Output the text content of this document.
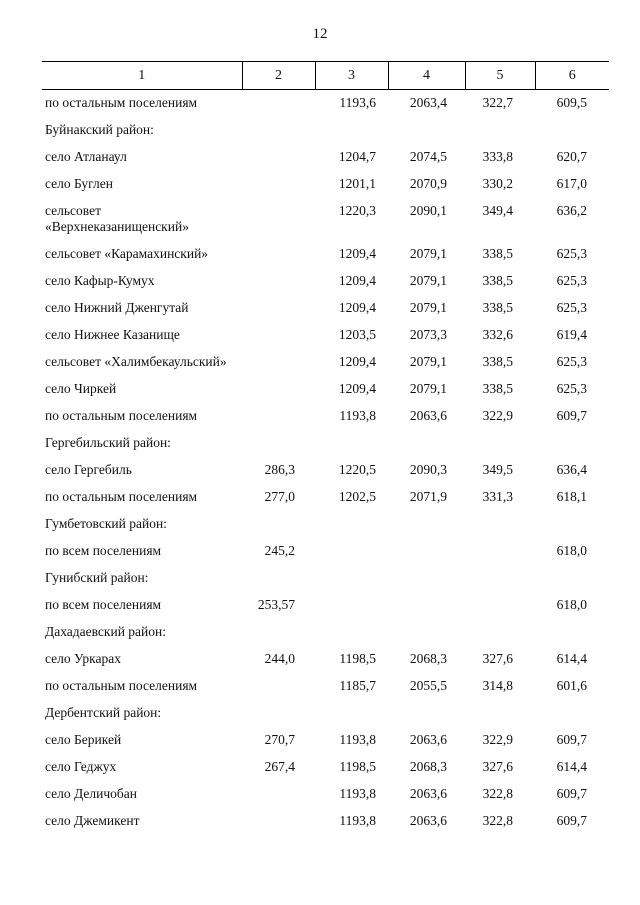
12
1	2	3	4	5	6
по остальным поселениям		1193,6	2063,4	322,7	609,5
Буйнакский район:					
село Атланаул		1204,7	2074,5	333,8	620,7
село Буглен		1201,1	2070,9	330,2	617,0
сельсовет «Верхнеказанищенский»		1220,3	2090,1	349,4	636,2
сельсовет «Карамахинский»		1209,4	2079,1	338,5	625,3
село Кафыр-Кумух		1209,4	2079,1	338,5	625,3
село Нижний Дженгутай		1209,4	2079,1	338,5	625,3
село Нижнее Казанище		1203,5	2073,3	332,6	619,4
сельсовет «Халимбекаульский»		1209,4	2079,1	338,5	625,3
село Чиркей		1209,4	2079,1	338,5	625,3
по остальным поселениям		1193,8	2063,6	322,9	609,7
Гергебильский район:					
село Гергебиль	286,3	1220,5	2090,3	349,5	636,4
по остальным поселениям	277,0	1202,5	2071,9	331,3	618,1
Гумбетовский район:					
по всем поселениям	245,2				618,0
Гунибский район:					
по всем поселениям	253,57				618,0
Дахадаевский район:					
село Уркарах	244,0	1198,5	2068,3	327,6	614,4
по остальным поселениям		1185,7	2055,5	314,8	601,6
Дербентский район:					
село Берикей	270,7	1193,8	2063,6	322,9	609,7
село Геджух	267,4	1198,5	2068,3	327,6	614,4
село Деличобан		1193,8	2063,6	322,8	609,7
село Джемикент		1193,8	2063,6	322,8	609,7
